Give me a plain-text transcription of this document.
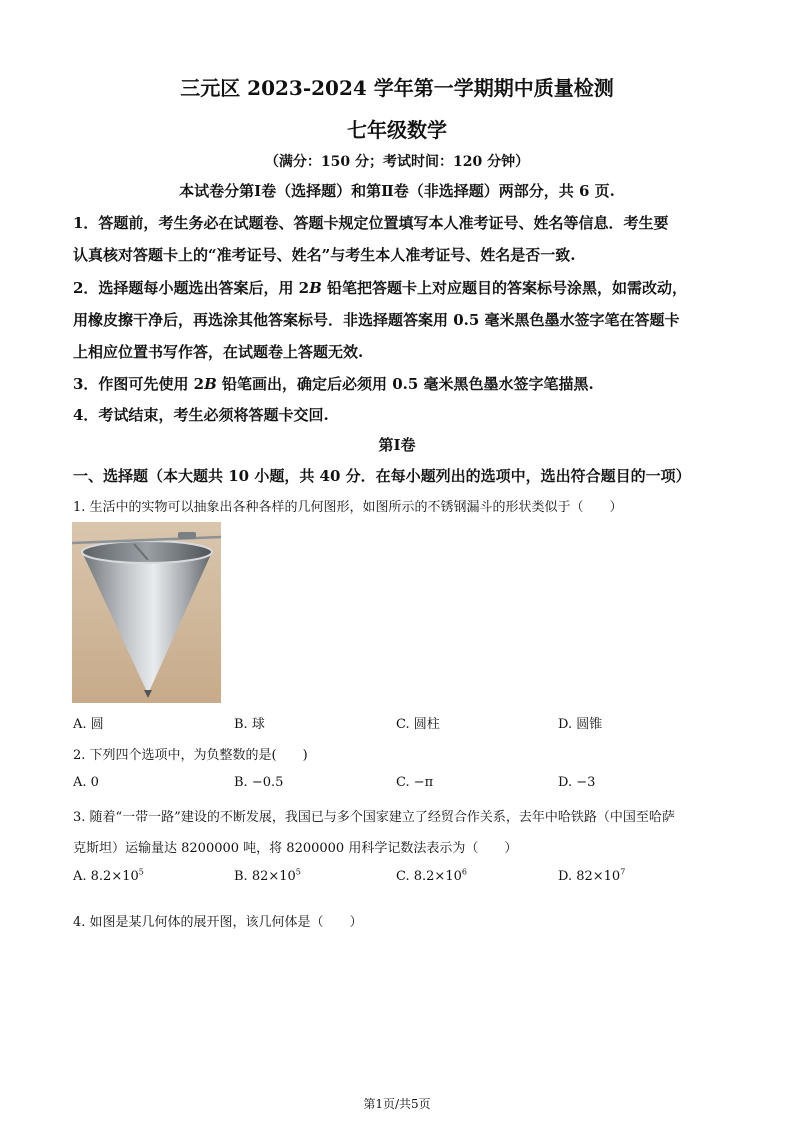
三元区 2023-2024 学年第一学期期中质量检测
七年级数学
（满分：150 分；考试时间：120 分钟）
本试卷分第Ⅰ卷（选择题）和第Ⅱ卷（非选择题）两部分，共 6 页.
1．答题前，考生务必在试题卷、答题卡规定位置填写本人准考证号、姓名等信息．考生要
认真核对答题卡上的“准考证号、姓名”与考生本人准考证号、姓名是否一致.
2．选择题每小题选出答案后，用 2B 铅笔把答题卡上对应题目的答案标号涂黑，如需改动，
用橡皮擦干净后，再选涂其他答案标号．非选择题答案用 0.5 毫米黑色墨水签字笔在答题卡
上相应位置书写作答，在试题卷上答题无效.
3．作图可先使用 2B 铅笔画出，确定后必须用 0.5 毫米黑色墨水签字笔描黑.
4．考试结束，考生必须将答题卡交回.
第Ⅰ卷
一、选择题（本大题共 10 小题，共 40 分．在每小题列出的选项中，选出符合题目的一项）
1. 生活中的实物可以抽象出各种各样的几何图形，如图所示的不锈钢漏斗的形状类似于（　　）
A. 圆	B. 球	C. 圆柱	D. 圆锥
2. 下列四个选项中，为负整数的是(　　)
A. 0	B. −0.5	C. −π	D. −3
3. 随着“一带一路”建设的不断发展，我国已与多个国家建立了经贸合作关系，去年中哈铁路（中国至哈萨
克斯坦）运输量达 8200000 吨，将 8200000 用科学记数法表示为（　　）
A. $8.2\times 10^5$	B. $82\times 10^5$	C. $8.2\times 10^6$	D. $82\times 10^7$
4. 如图是某几何体的展开图，该几何体是（　　）
第1页/共5页
